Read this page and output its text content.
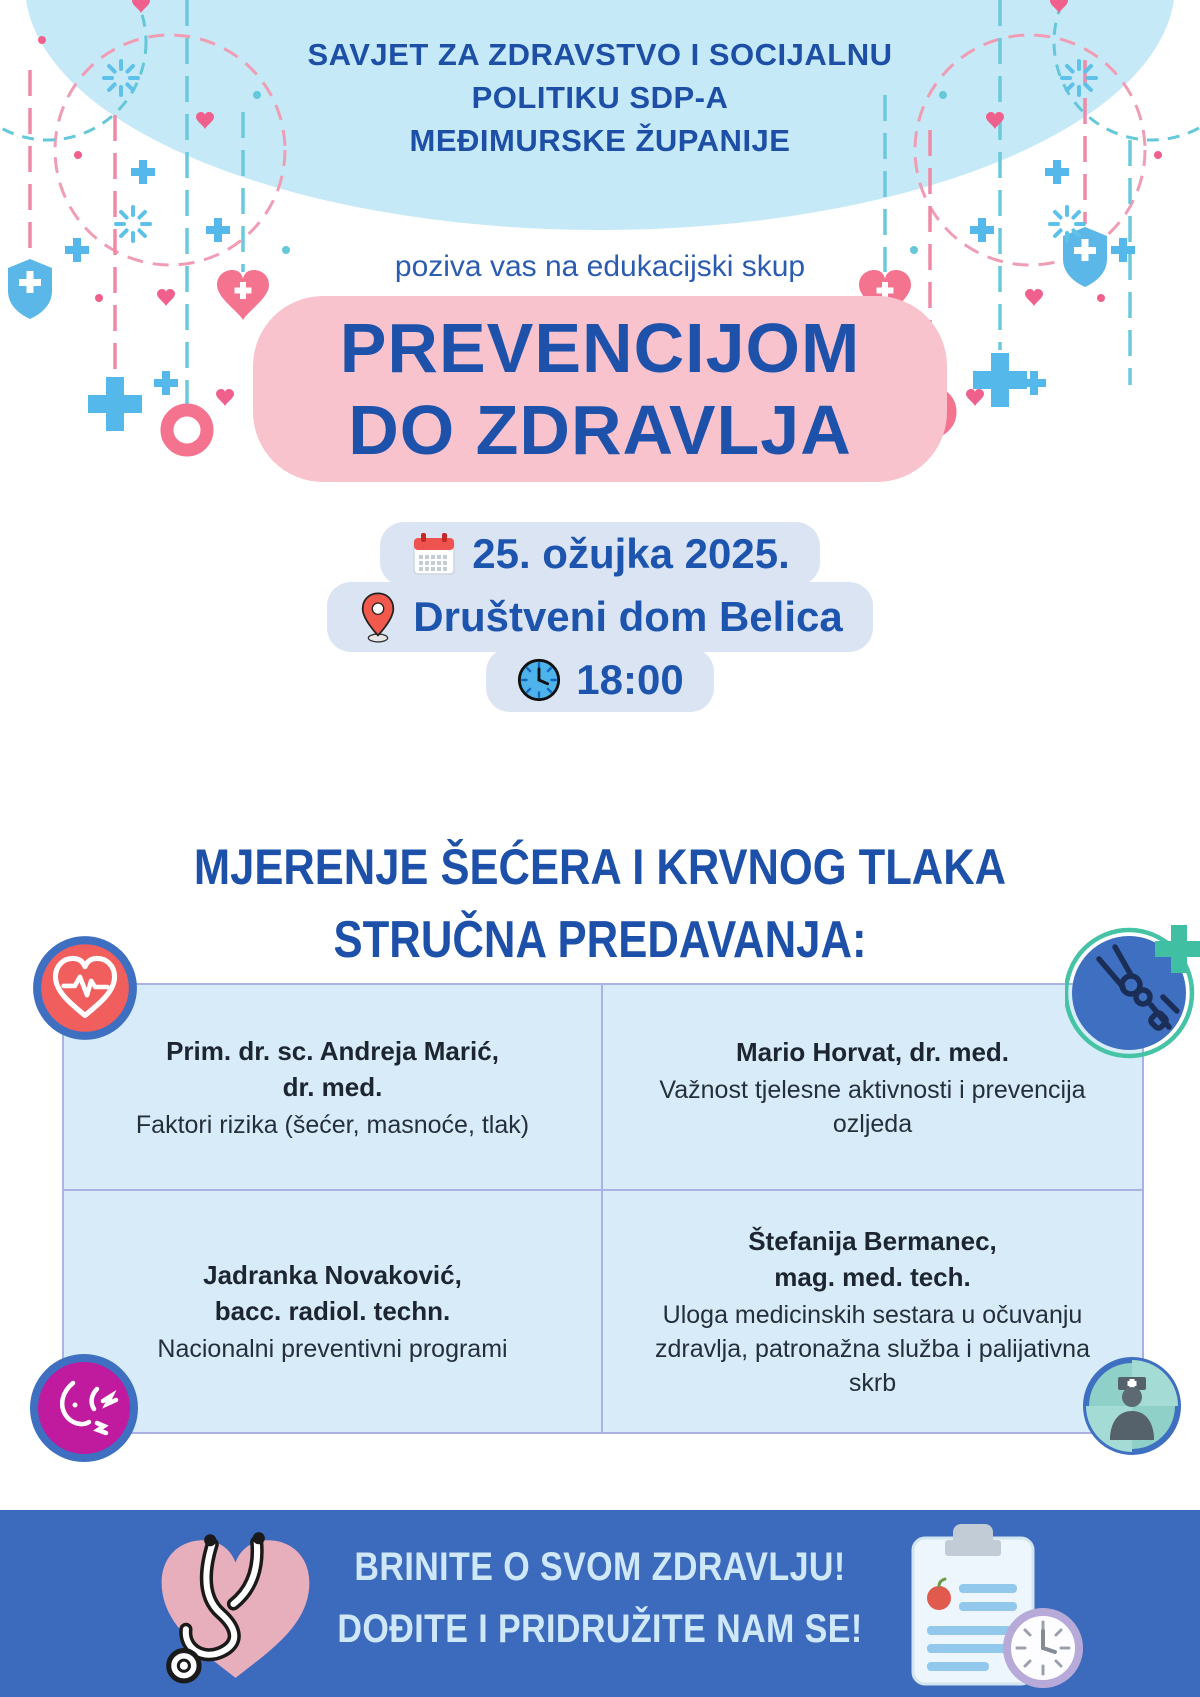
SAVJET ZA ZDRAVSTVO I SOCIJALNU
POLITIKU SDP-A
MEĐIMURSKE ŽUPANIJE
poziva vas na edukacijski skup
PREVENCIJOM
DO ZDRAVLJA
25. ožujka 2025.
Društveni dom Belica
18:00
MJERENJE ŠEĆERA I KRVNOG TLAKA
STRUČNA PREDAVANJA:
Prim. dr. sc. Andreja Marić,
dr. med.
Faktori rizika (šećer, masnoće, tlak)
Mario Horvat, dr. med.
Važnost tjelesne aktivnosti i prevencija ozljeda
Jadranka Novaković,
bacc. radiol. techn.
Nacionalni preventivni programi
Štefanija Bermanec,
mag. med. tech.
Uloga medicinskih sestara u očuvanju zdravlja, patronažna služba i palijativna skrb
BRINITE O SVOM ZDRAVLJU!
DOĐITE I PRIDRUŽITE NAM SE!
